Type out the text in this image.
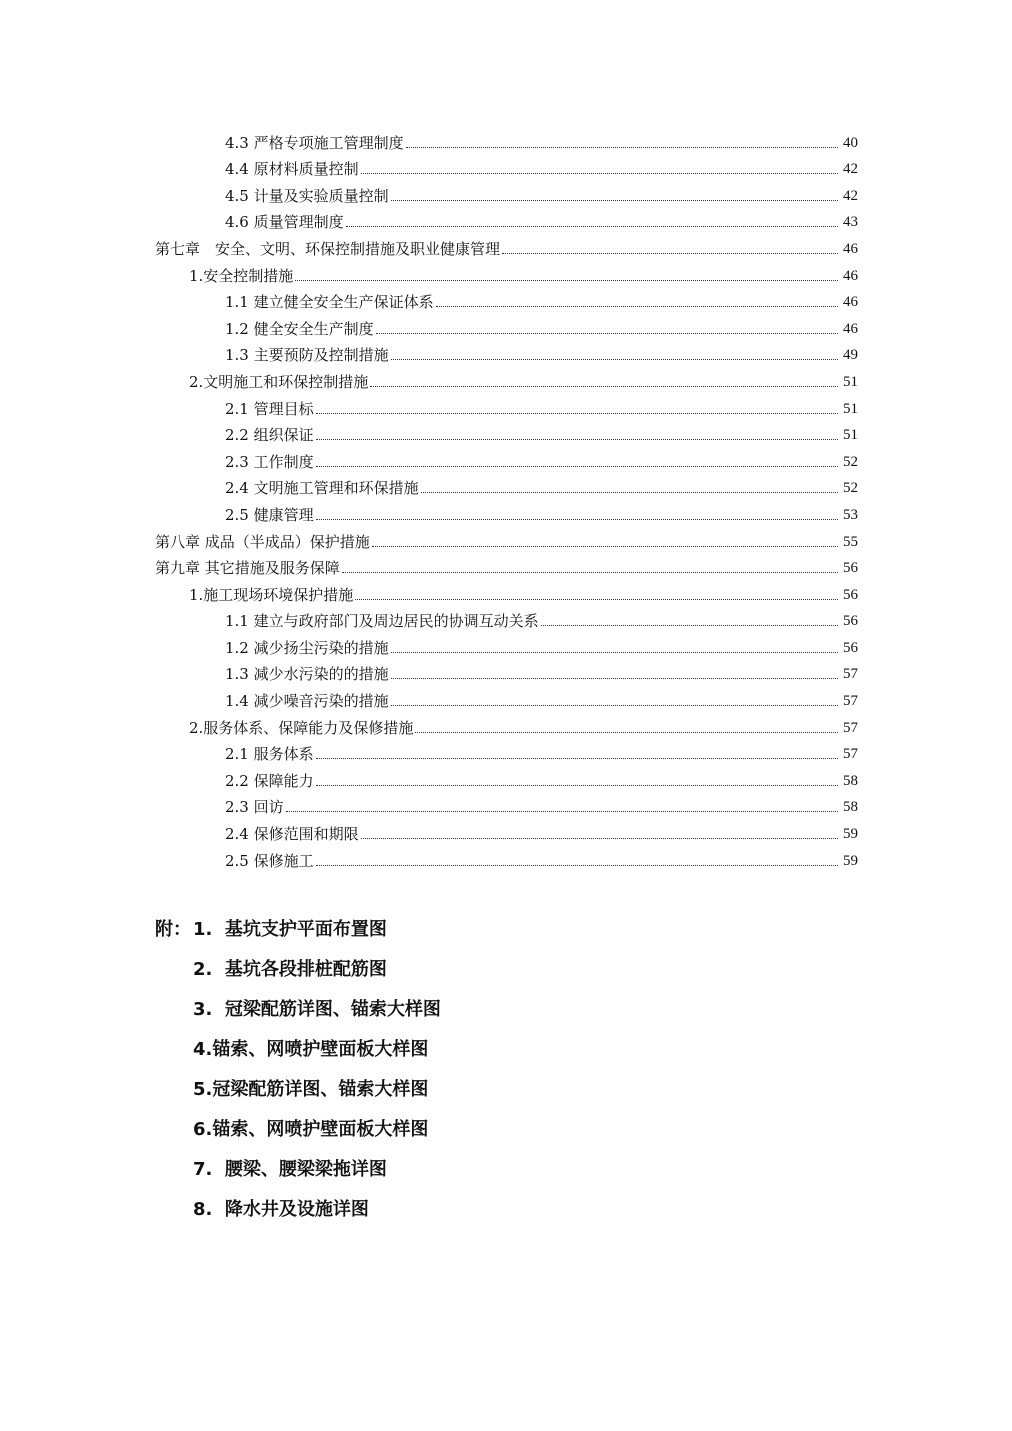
4.3 严格专项施工管理制度	40
4.4 原材料质量控制	42
4.5 计量及实验质量控制	42
4.6 质量管理制度	43
第七章　安全、文明、环保控制措施及职业健康管理	46
1.安全控制措施	46
1.1 建立健全安全生产保证体系	46
1.2 健全安全生产制度	46
1.3 主要预防及控制措施	49
2.文明施工和环保控制措施	51
2.1 管理目标	51
2.2 组织保证	51
2.3 工作制度	52
2.4 文明施工管理和环保措施	52
2.5 健康管理	53
第八章 成品（半成品）保护措施	55
第九章 其它措施及服务保障	56
1.施工现场环境保护措施	56
1.1 建立与政府部门及周边居民的协调互动关系	56
1.2 减少扬尘污染的措施	56
1.3 减少水污染的的措施	57
1.4 减少噪音污染的措施	57
2.服务体系、保障能力及保修措施	57
2.1 服务体系	57
2.2 保障能力	58
2.3 回访	58
2.4 保修范围和期限	59
2.5 保修施工	59
附： 1.  基坑支护平面布置图
2.  基坑各段排桩配筋图
3.  冠梁配筋详图、锚索大样图
4.锚索、网喷护壁面板大样图
5.冠梁配筋详图、锚索大样图
6.锚索、网喷护壁面板大样图
7.  腰梁、腰梁梁拖详图
8.  降水井及设施详图
